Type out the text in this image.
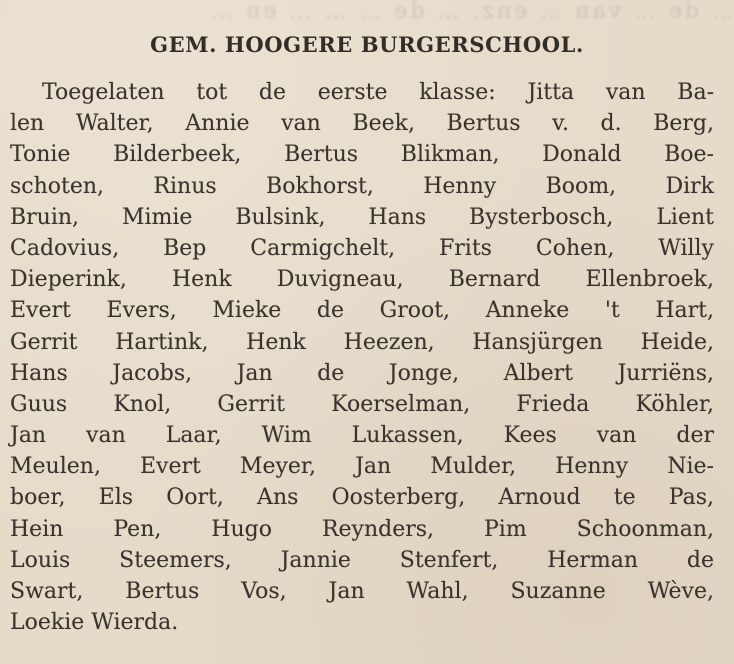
… de … van … enz. … de … … … en …
GEM. HOOGERE BURGERSCHOOL.
Toegelaten tot de eerste klasse: Jitta van Ba-
len Walter, Annie van Beek, Bertus v. d. Berg,
Tonie Bilderbeek, Bertus Blikman, Donald Boe-
schoten, Rinus Bokhorst, Henny Boom, Dirk
Bruin, Mimie Bulsink, Hans Bysterbosch, Lient
Cadovius, Bep Carmigchelt, Frits Cohen, Willy
Dieperink, Henk Duvigneau, Bernard Ellenbroek,
Evert Evers, Mieke de Groot, Anneke 't Hart,
Gerrit Hartink, Henk Heezen, Hansjürgen Heide,
Hans Jacobs, Jan de Jonge, Albert Jurriëns,
Guus Knol, Gerrit Koerselman, Frieda Köhler,
Jan van Laar, Wim Lukassen, Kees van der
Meulen, Evert Meyer, Jan Mulder, Henny Nie-
boer, Els Oort, Ans Oosterberg, Arnoud te Pas,
Hein Pen, Hugo Reynders, Pim Schoonman,
Louis Steemers, Jannie Stenfert, Herman de
Swart, Bertus Vos, Jan Wahl, Suzanne Wève,
Loekie Wierda.
